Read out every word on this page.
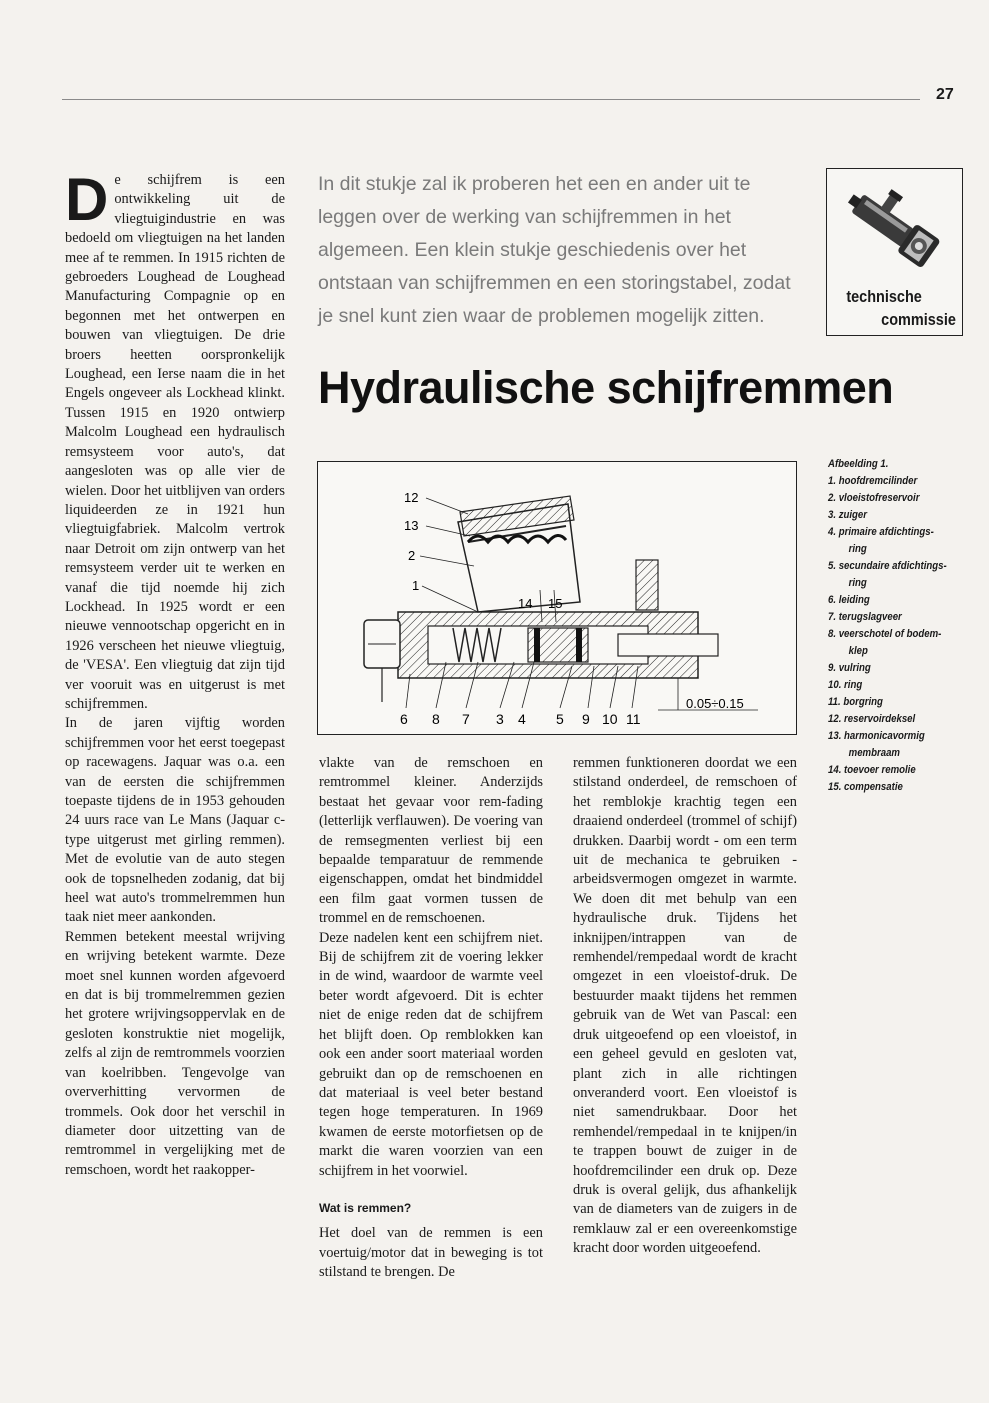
27

De schijfrem is een ontwikkeling uit de vliegtuigindustrie en was bedoeld om vliegtuigen na het landen mee af te remmen. In 1915 richten de gebroeders Loughead de Loughead Manufacturing Compagnie op en begonnen met het ontwerpen en bouwen van vliegtuigen. De drie broers heetten oorspronkelijk Loughead, een Ierse naam die in het Engels ongeveer als Lockhead klinkt. Tussen 1915 en 1920 ontwierp Malcolm Loughead een hydraulisch remsysteem voor auto's, dat aangesloten was op alle vier de wielen. Door het uitblijven van orders liquideerden ze in 1921 hun vliegtuigfabriek. Malcolm vertrok naar Detroit om zijn ontwerp van het remsysteem verder uit te werken en vanaf die tijd noemde hij zich Lockhead. In 1925 wordt er een nieuwe vennootschap opgericht en in 1926 verscheen het nieuwe vliegtuig, de 'VESA'. Een vliegtuig dat zijn tijd ver vooruit was en uitgerust is met schijfremmen.

In de jaren vijftig worden schijfremmen voor het eerst toegepast op racewagens. Jaquar was o.a. een van de eersten die schijfremmen toepaste tijdens de in 1953 gehouden 24 uurs race van Le Mans (Jaquar c-type uitgerust met girling remmen). Met de evolutie van de auto stegen ook de topsnelheden zodanig, dat bij heel wat auto's trommelremmen hun taak niet meer aankonden.

Remmen betekent meestal wrijving en wrijving betekent warmte. Deze moet snel kunnen worden afgevoerd en dat is bij trommelremmen gezien het grotere wrijvingsoppervlak en de gesloten konstruktie niet mogelijk, zelfs al zijn de remtrommels voorzien van koelribben. Tengevolge van oververhitting vervormen de trommels. Ook door het verschil in diameter door uitzetting van de remtrommel in vergelijking met de remschoen, wordt het raakopper-

In dit stukje zal ik proberen het een en ander uit te leggen over de werking van schijfremmen in het algemeen. Een klein stukje geschiedenis over het ontstaan van schijfremmen en een storingstabel, zodat je snel kunt zien waar de problemen mogelijk zitten.
technische
commissie
Hydraulische schijfremmen
12
13
2
1
14 15
6 8 7 3 4 5 9 10 11
0.05÷0.15
Afbeelding 1.
1. hoofdremcilinder
2. vloeistofreservoir
3. zuiger
4. primaire afdichtings-
ring
5. secundaire afdichtings-
ring
6. leiding
7. terugslagveer
8. veerschotel of bodem-
klep
9. vulring
10. ring
11. borgring
12. reservoirdeksel
13. harmonicavormig
membraam
14. toevoer remolie
15. compensatie

vlakte van de remschoen en remtrommel kleiner. Anderzijds bestaat het gevaar voor rem-fading (letterlijk verflauwen). De voering van de remsegmenten verliest bij een bepaalde temparatuur de remmende eigenschappen, omdat het bindmiddel een film gaat vormen tussen de trommel en de remschoenen.

Deze nadelen kent een schijfrem niet. Bij de schijfrem zit de voering lekker in de wind, waardoor de warmte veel beter wordt afgevoerd. Dit is echter niet de enige reden dat de schijfrem het blijft doen. Op remblokken kan ook een ander soort materiaal worden gebruikt dan op de remschoenen en dat materiaal is veel beter bestand tegen hoge temperaturen. In 1969 kwamen de eerste motorfietsen op de markt die waren voorzien van een schijfrem in het voorwiel.

Wat is remmen?

Het doel van de remmen is een voertuig/motor dat in beweging is tot stilstand te brengen. De

remmen funktioneren doordat we een stilstand onderdeel, de remschoen of het remblokje krachtig tegen een draaiend onderdeel (trommel of schijf) drukken. Daarbij wordt - om een term uit de mechanica te gebruiken - arbeidsvermogen omgezet in warmte. We doen dit met behulp van een hydraulische druk. Tijdens het inknijpen/intrappen van de remhendel/rempedaal wordt de kracht omgezet in een vloeistof-druk. De bestuurder maakt tijdens het remmen gebruik van de Wet van Pascal: een druk uitgeoefend op een vloeistof, in een geheel gevuld en gesloten vat, plant zich in alle richtingen onveranderd voort. Een vloeistof is niet samendrukbaar. Door het remhendel/rempedaal in te knijpen/in te trappen bouwt de zuiger in de hoofdremcilinder een druk op. Deze druk is overal gelijk, dus afhankelijk van de diameters van de zuigers in de remklauw zal er een overeenkomstige kracht door worden uitgeoefend.
